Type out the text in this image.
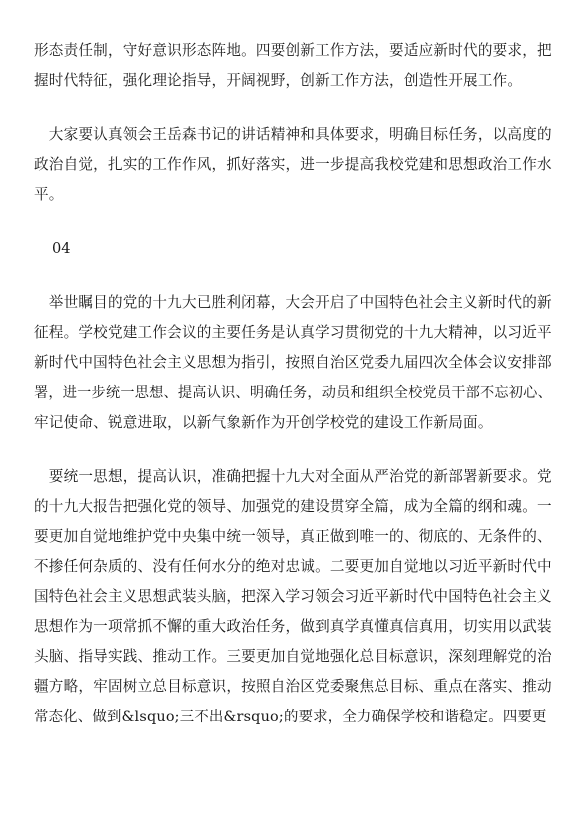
形态责任制，守好意识形态阵地。四要创新工作方法，要适应新时代的要求，把
握时代特征，强化理论指导，开阔视野，创新工作方法，创造性开展工作。

　大家要认真领会王岳森书记的讲话精神和具体要求，明确目标任务，以高度的
政治自觉，扎实的工作作风，抓好落实，进一步提高我校党建和思想政治工作水
平。

04

　举世瞩目的党的十九大已胜利闭幕，大会开启了中国特色社会主义新时代的新
征程。学校党建工作会议的主要任务是认真学习贯彻党的十九大精神，以习近平
新时代中国特色社会主义思想为指引，按照自治区党委九届四次全体会议安排部
署，进一步统一思想、提高认识、明确任务，动员和组织全校党员干部不忘初心、
牢记使命、锐意进取，以新气象新作为开创学校党的建设工作新局面。

　要统一思想，提高认识，准确把握十九大对全面从严治党的新部署新要求。党
的十九大报告把强化党的领导、加强党的建设贯穿全篇，成为全篇的纲和魂。一
要更加自觉地维护党中央集中统一领导，真正做到唯一的、彻底的、无条件的、
不掺任何杂质的、没有任何水分的绝对忠诚。二要更加自觉地以习近平新时代中
国特色社会主义思想武装头脑，把深入学习领会习近平新时代中国特色社会主义
思想作为一项常抓不懈的重大政治任务，做到真学真懂真信真用，切实用以武装
头脑、指导实践、推动工作。三要更加自觉地强化总目标意识，深刻理解党的治
疆方略，牢固树立总目标意识，按照自治区党委聚焦总目标、重点在落实、推动
常态化、做到&lsquo;三不出&rsquo;的要求，全力确保学校和谐稳定。四要更
